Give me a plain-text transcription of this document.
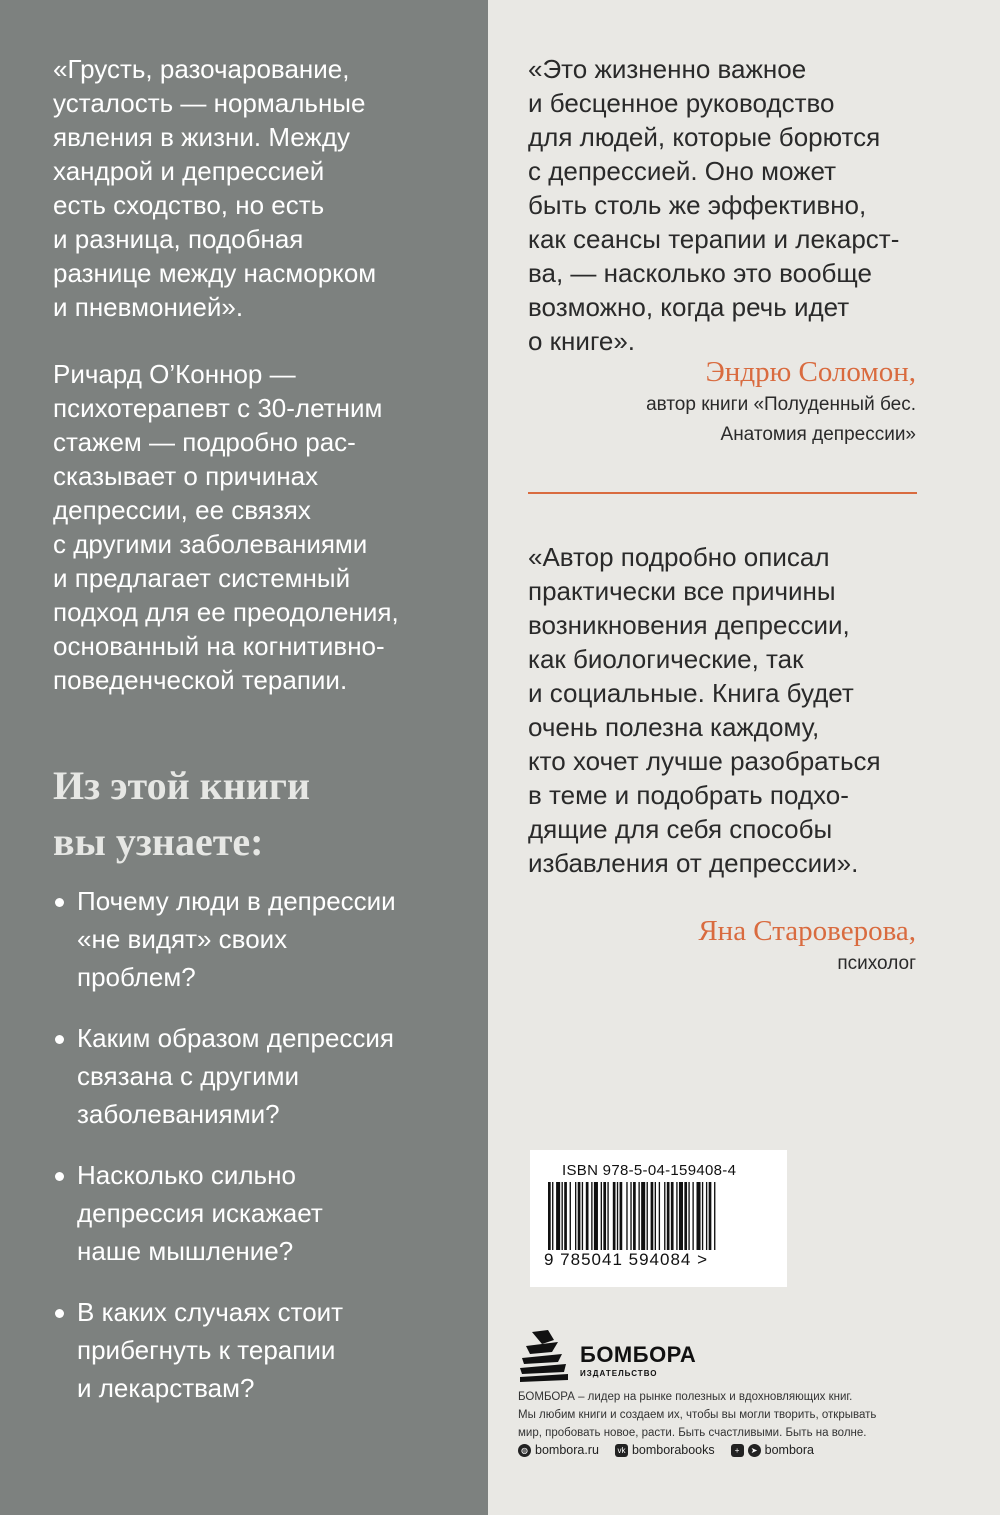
«Грусть, разочарование,
усталость — нормальные
явления в жизни. Между
хандрой и депрессией
есть сходство, но есть
и разница, подобная
разнице между насморком
и пневмонией».

Ричард О’Коннор —
психотерапевт с 30-летним
стажем — подробно рас-
сказывает о причинах
депрессии, ее связях
с другими заболеваниями
и предлагает системный
подход для ее преодоления,
основанный на когнитивно-
поведенческой терапии.

Из этой книги
вы узнаете:
Почему люди в депрессии
«не видят» своих
проблем?
Каким образом депрессия
связана с другими
заболеваниями?
Насколько сильно
депрессия искажает
наше мышление?
В каких случаях стоит
прибегнуть к терапии
и лекарствам?

«Это жизненно важное
и бесценное руководство
для людей, которые борются
с депрессией. Оно может
быть столь же эффективно,
как сеансы терапии и лекарст-
ва, — насколько это вообще
возможно, когда речь идет
о книге».

Эндрю Соломон,
автор книги «Полуденный бес.
Анатомия депрессии»

«Автор подробно описал
практически все причины
возникновения депрессии,
как биологические, так
и социальные. Книга будет
очень полезна каждому,
кто хочет лучше разобраться
в теме и подобрать подхо-
дящие для себя способы
избавления от депрессии».

Яна Староверова,
психолог
ISBN 978-5-04-159408-4
9 785041 594084 >
БОМБОРА
ИЗДАТЕЛЬСТВО

БОМБОРА – лидер на рынке полезных и вдохновляющих книг.
Мы любим книги и создаем их, чтобы вы могли творить, открывать
мир, пробовать новое, расти. Быть счастливыми. Быть на волне.

◍ bombora.ru	vk bomborabooks	+	➤ bombora
